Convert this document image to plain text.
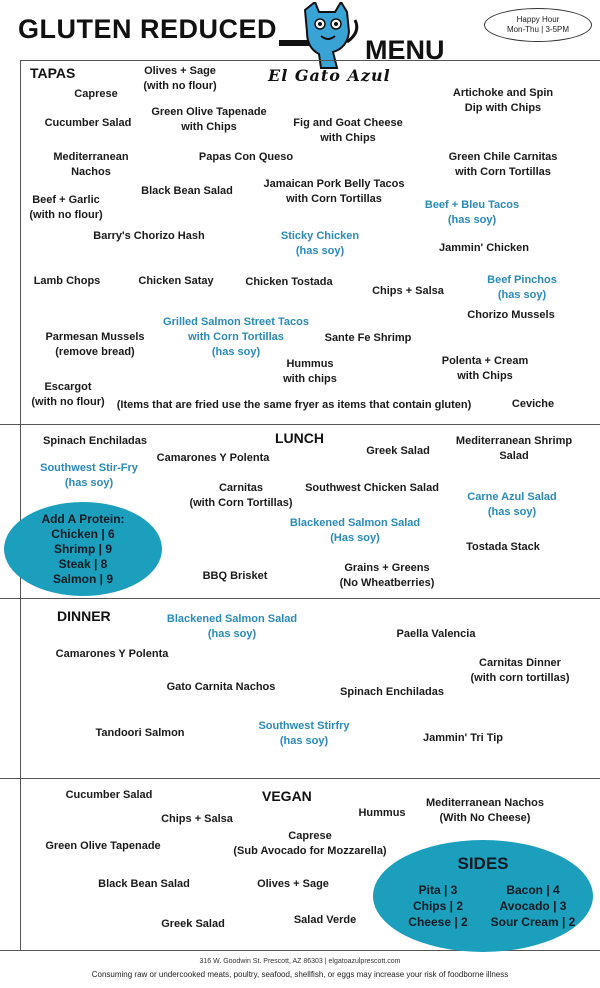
GLUTEN REDUCED
MENU
El Gato Azul
Happy Hour
Mon-Thu | 3-5PM
TAPAS
LUNCH
DINNER
VEGAN
Olives + Sage
(with no flour)
Caprese	Artichoke and Spin
Dip with Chips
Green Olive Tapenade
with Chips
Cucumber Salad	Fig and Goat Cheese
with Chips
Mediterranean
Nachos
Papas Con Queso	Green Chile Carnitas
with Corn Tortillas
Black Bean Salad
Jamaican Pork Belly Tacos
with Corn Tortillas
Beef + Garlic
(with no flour)
Beef + Bleu Tacos
(has soy)
Barry's Chorizo Hash	Sticky Chicken
(has soy)	Jammin' Chicken
Lamb Chops	Chicken Satay	Chicken Tostada	Beef Pinchos
(has soy)
Chips + Salsa
Chorizo Mussels
Grilled Salmon Street Tacos
with Corn Tortillas
(has soy)
Parmesan Mussels
(remove bread)
Sante Fe Shrimp
Hummus
with chips
Polenta + Cream
with Chips
Escargot
(with no flour) (Items that are fried use the same fryer as items that contain gluten)	Ceviche
Spinach Enchiladas
Camarones Y Polenta
Greek Salad
Mediterranean Shrimp
Salad
Southwest Stir-Fry
(has soy)	Carnitas
(with Corn Tortillas)
Southwest Chicken Salad
Carne Azul Salad
(has soy)
Blackened Salmon Salad
(Has soy)
Tostada Stack
BBQ Brisket
Grains + Greens
(No Wheatberries)
Blackened Salmon Salad
(has soy)	Paella Valencia
Camarones Y Polenta
Carnitas Dinner
(with corn tortillas)
Gato Carnita Nachos	Spinach Enchiladas
Tandoori Salmon
Southwest Stirfry
(has soy)	Jammin' Tri Tip
Cucumber Salad
Chips + Salsa	Hummus
Mediterranean Nachos
(With No Cheese)
Green Olive Tapenade
Caprese
(Sub Avocado for Mozzarella)
Black Bean Salad	Olives + Sage
Greek Salad	Salad Verde
Add A Protein:
Chicken | 6
Shrimp | 9
Steak | 8
Salmon | 9
SIDES
Pita | 3
Chips | 2
Cheese | 2
Bacon | 4
Avocado | 3
Sour Cream | 2
316 W. Goodwin St. Prescott, AZ 86303 | elgatoazulprescott.com
Consuming raw or undercooked meats, poultry, seafood, shellfish, or eggs may increase your risk of foodborne illness
